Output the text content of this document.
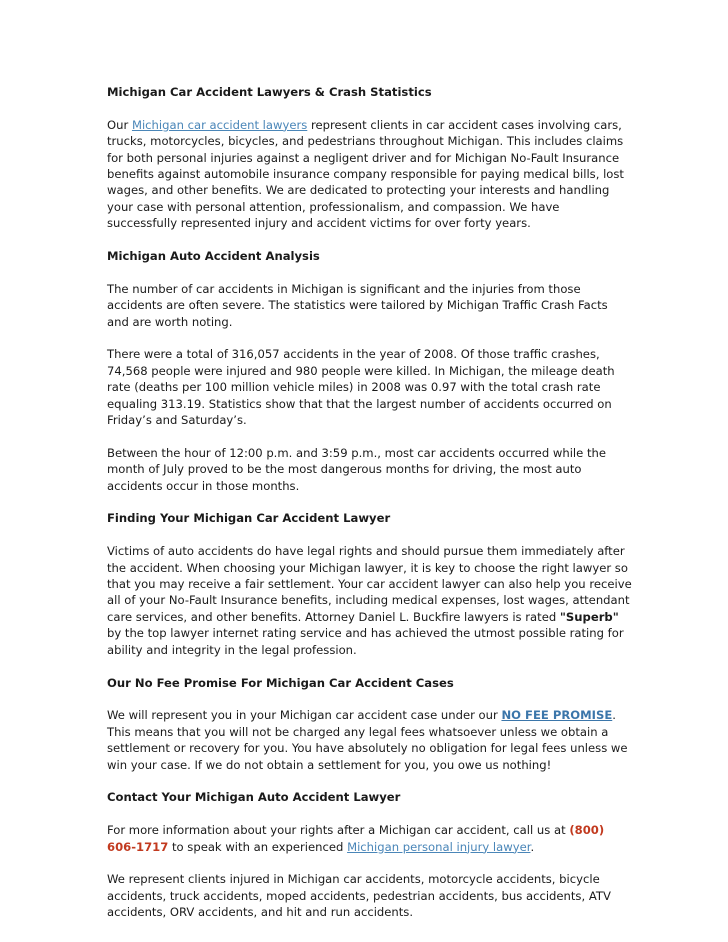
Michigan Car Accident Lawyers & Crash Statistics

Our Michigan car accident lawyers represent clients in car accident cases involving cars, trucks, motorcycles, bicycles, and pedestrians throughout Michigan. This includes claims for both personal injuries against a negligent driver and for Michigan No-Fault Insurance benefits against automobile insurance company responsible for paying medical bills, lost wages, and other benefits. We are dedicated to protecting your interests and handling your case with personal attention, professionalism, and compassion. We have successfully represented injury and accident victims for over forty years.

Michigan Auto Accident Analysis

The number of car accidents in Michigan is significant and the injuries from those accidents are often severe. The statistics were tailored by Michigan Traffic Crash Facts and are worth noting.

There were a total of 316,057 accidents in the year of 2008. Of those traffic crashes, 74,568 people were injured and 980 people were killed. In Michigan, the mileage death rate (deaths per 100 million vehicle miles) in 2008 was 0.97 with the total crash rate equaling 313.19. Statistics show that that the largest number of accidents occurred on Friday’s and Saturday’s.

Between the hour of 12:00 p.m. and 3:59 p.m., most car accidents occurred while the month of July proved to be the most dangerous months for driving, the most auto accidents occur in those months.

Finding Your Michigan Car Accident Lawyer

Victims of auto accidents do have legal rights and should pursue them immediately after the accident. When choosing your Michigan lawyer, it is key to choose the right lawyer so that you may receive a fair settlement. Your car accident lawyer can also help you receive all of your No-Fault Insurance benefits, including medical expenses, lost wages, attendant care services, and other benefits. Attorney Daniel L. Buckfire lawyers is rated "Superb" by the top lawyer internet rating service and has achieved the utmost possible rating for ability and integrity in the legal profession.

Our No Fee Promise For Michigan Car Accident Cases

We will represent you in your Michigan car accident case under our NO FEE PROMISE. This means that you will not be charged any legal fees whatsoever unless we obtain a settlement or recovery for you. You have absolutely no obligation for legal fees unless we win your case. If we do not obtain a settlement for you, you owe us nothing!

Contact Your Michigan Auto Accident Lawyer

For more information about your rights after a Michigan car accident, call us at (800) 606-1717 to speak with an experienced Michigan personal injury lawyer.

We represent clients injured in Michigan car accidents, motorcycle accidents, bicycle accidents, truck accidents, moped accidents, pedestrian accidents, bus accidents, ATV accidents, ORV accidents, and hit and run accidents.
